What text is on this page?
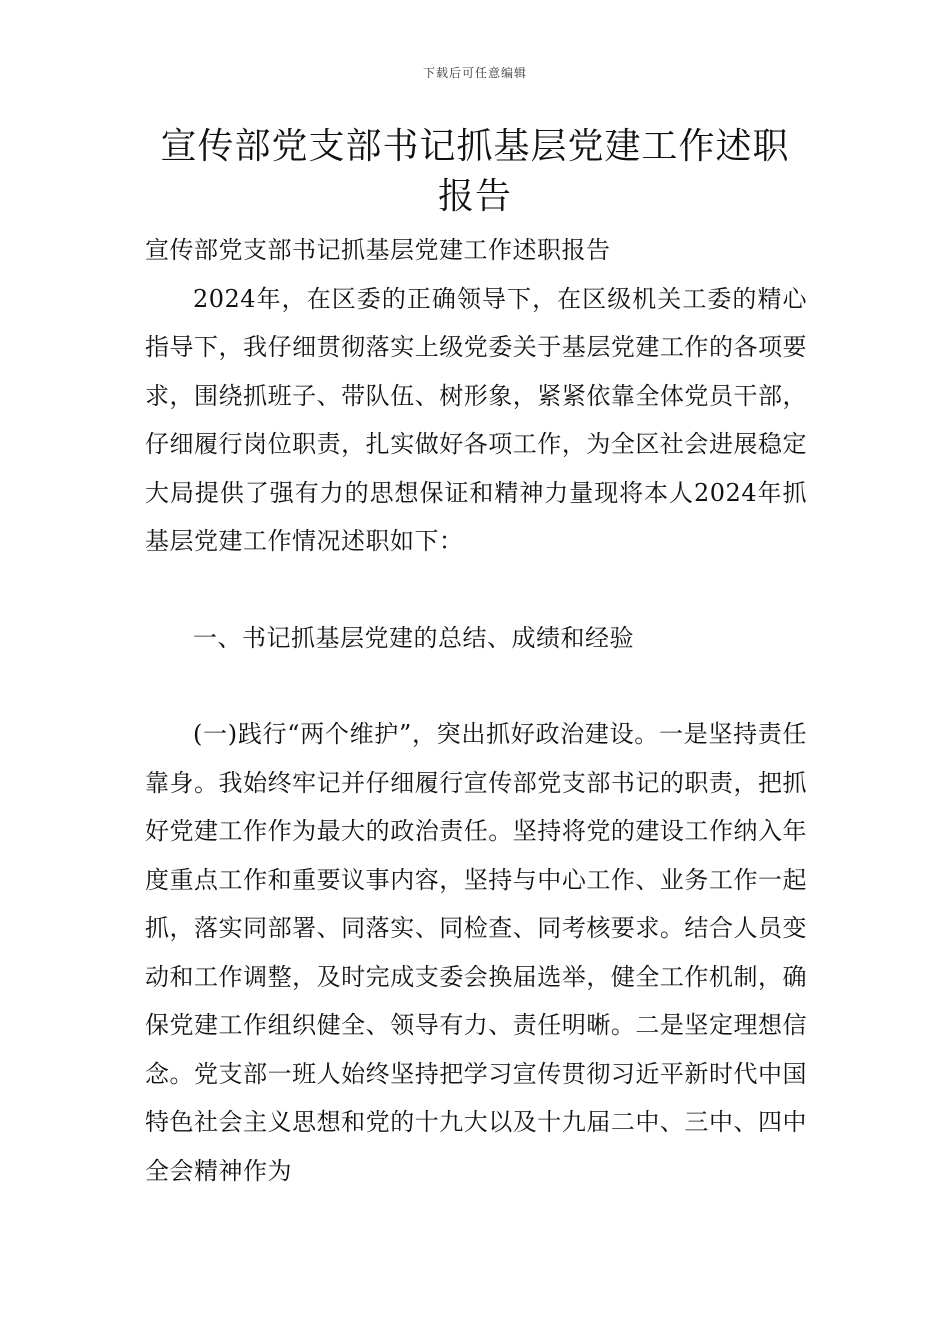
下载后可任意编辑
宣传部党支部书记抓基层党建工作述职报告

宣传部党支部书记抓基层党建工作述职报告

2024年，在区委的正确领导下，在区级机关工委的精心指导下，我仔细贯彻落实上级党委关于基层党建工作的各项要求，围绕抓班子、带队伍、树形象，紧紧依靠全体党员干部，仔细履行岗位职责，扎实做好各项工作，为全区社会进展稳定大局提供了强有力的思想保证和精神力量现将本人2024年抓基层党建工作情况述职如下：

一、书记抓基层党建的总结、成绩和经验

(一)践行“两个维护”，突出抓好政治建设。一是坚持责任靠身。我始终牢记并仔细履行宣传部党支部书记的职责，把抓好党建工作作为最大的政治责任。坚持将党的建设工作纳入年度重点工作和重要议事内容，坚持与中心工作、业务工作一起抓，落实同部署、同落实、同检查、同考核要求。结合人员变动和工作调整，及时完成支委会换届选举，健全工作机制，确保党建工作组织健全、领导有力、责任明晰。二是坚定理想信念。党支部一班人始终坚持把学习宣传贯彻习近平新时代中国特色社会主义思想和党的十九大以及十九届二中、三中、四中全会精神作为
